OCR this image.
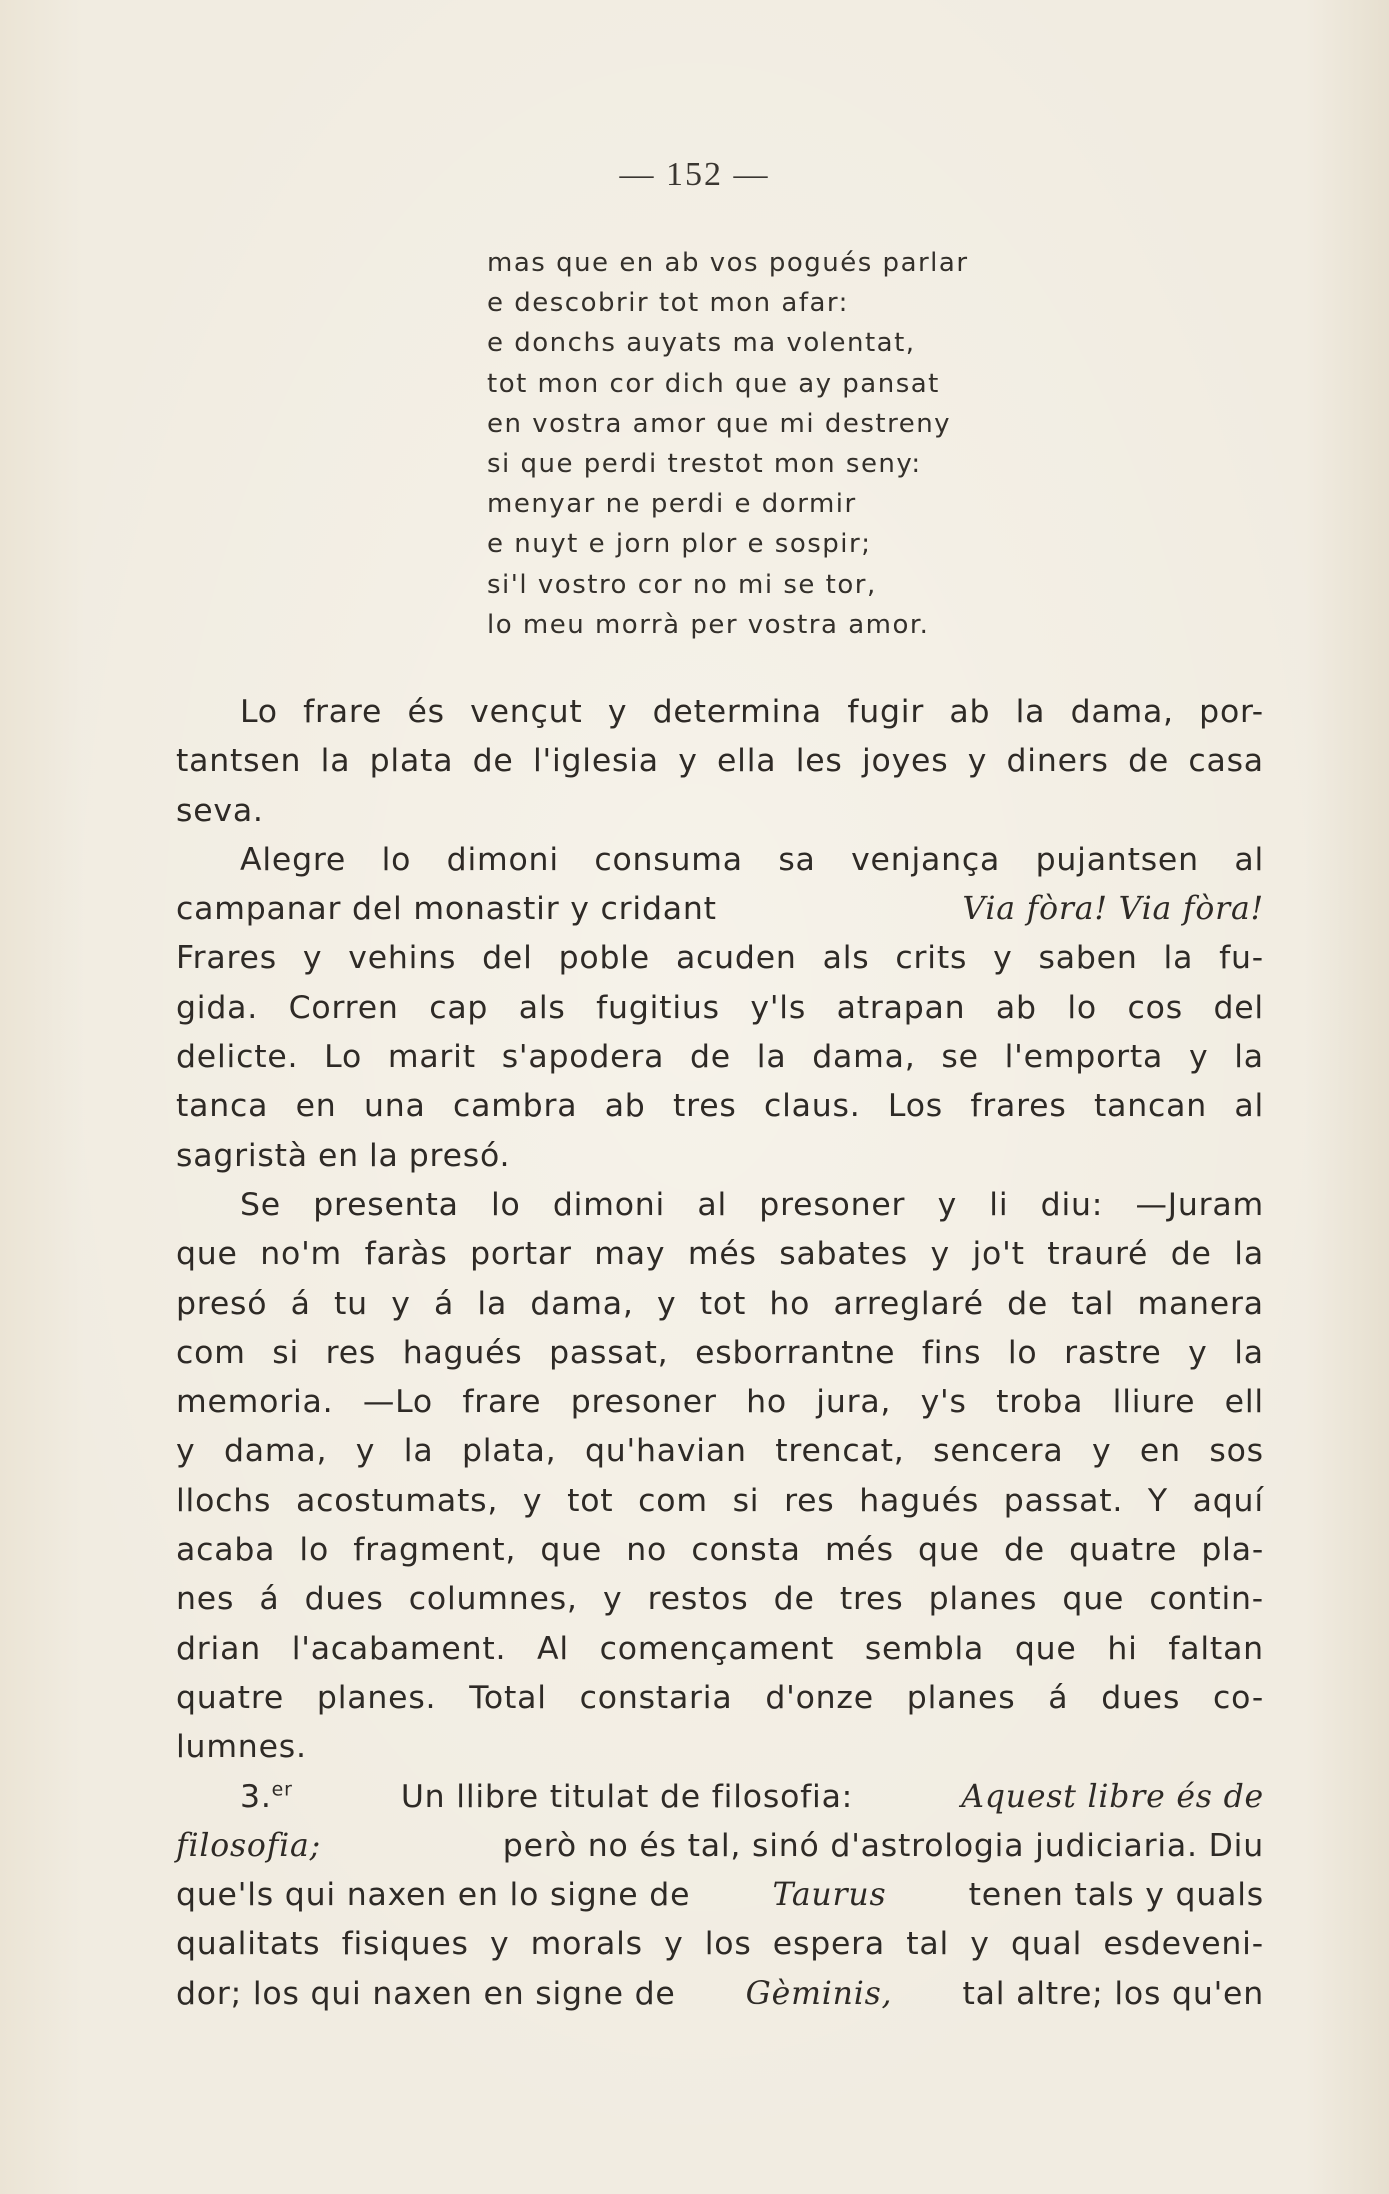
— 152 —
mas que en ab vos pogués parlar
e descobrir tot mon afar:
e donchs auyats ma volentat,
tot mon cor dich que ay pansat
en vostra amor que mi destreny
si que perdi trestot mon seny:
menyar ne perdi e dormir
e nuyt e jorn plor e sospir;
si'l vostro cor no mi se tor,
lo meu morrà per vostra amor.
Lo frare és vençut y determina fugir ab la dama, por-
tantsen la plata de l'iglesia y ella les joyes y diners de casa
seva.
Alegre lo dimoni consuma sa venjança pujantsen al
campanar del monastir y cridant	Via fòra! Via fòra!
Frares y vehins del poble acuden als crits y saben la fu-
gida. Corren cap als fugitius y'ls atrapan ab lo cos del
delicte. Lo marit s'apodera de la dama, se l'emporta y la
tanca en una cambra ab tres claus. Los frares tancan al
sagristà en la presó.
Se presenta lo dimoni al presoner y li diu: —Juram
que no'm faràs portar may més sabates y jo't trauré de la
presó á tu y á la dama, y tot ho arreglaré de tal manera
com si res hagués passat, esborrantne fins lo rastre y la
memoria. —Lo frare presoner ho jura, y's troba lliure ell
y dama, y la plata, qu'havian trencat, sencera y en sos
llochs acostumats, y tot com si res hagués passat. Y aquí
acaba lo fragment, que no consta més que de quatre pla-
nes á dues columnes, y restos de tres planes que contin-
drian l'acabament. Al començament sembla que hi faltan
quatre planes. Total constaria d'onze planes á dues co-
lumnes.
3.$^{er}$	Un llibre titulat de filosofia:	Aquest libre és de
filosofia;	però no és tal, sinó d'astrologia judiciaria. Diu
que'ls qui naxen en lo signe de	Taurus	tenen tals y quals
qualitats fisiques y morals y los espera tal y qual esdeveni-
dor; los qui naxen en signe de Gèminis, tal altre; los qu'en
